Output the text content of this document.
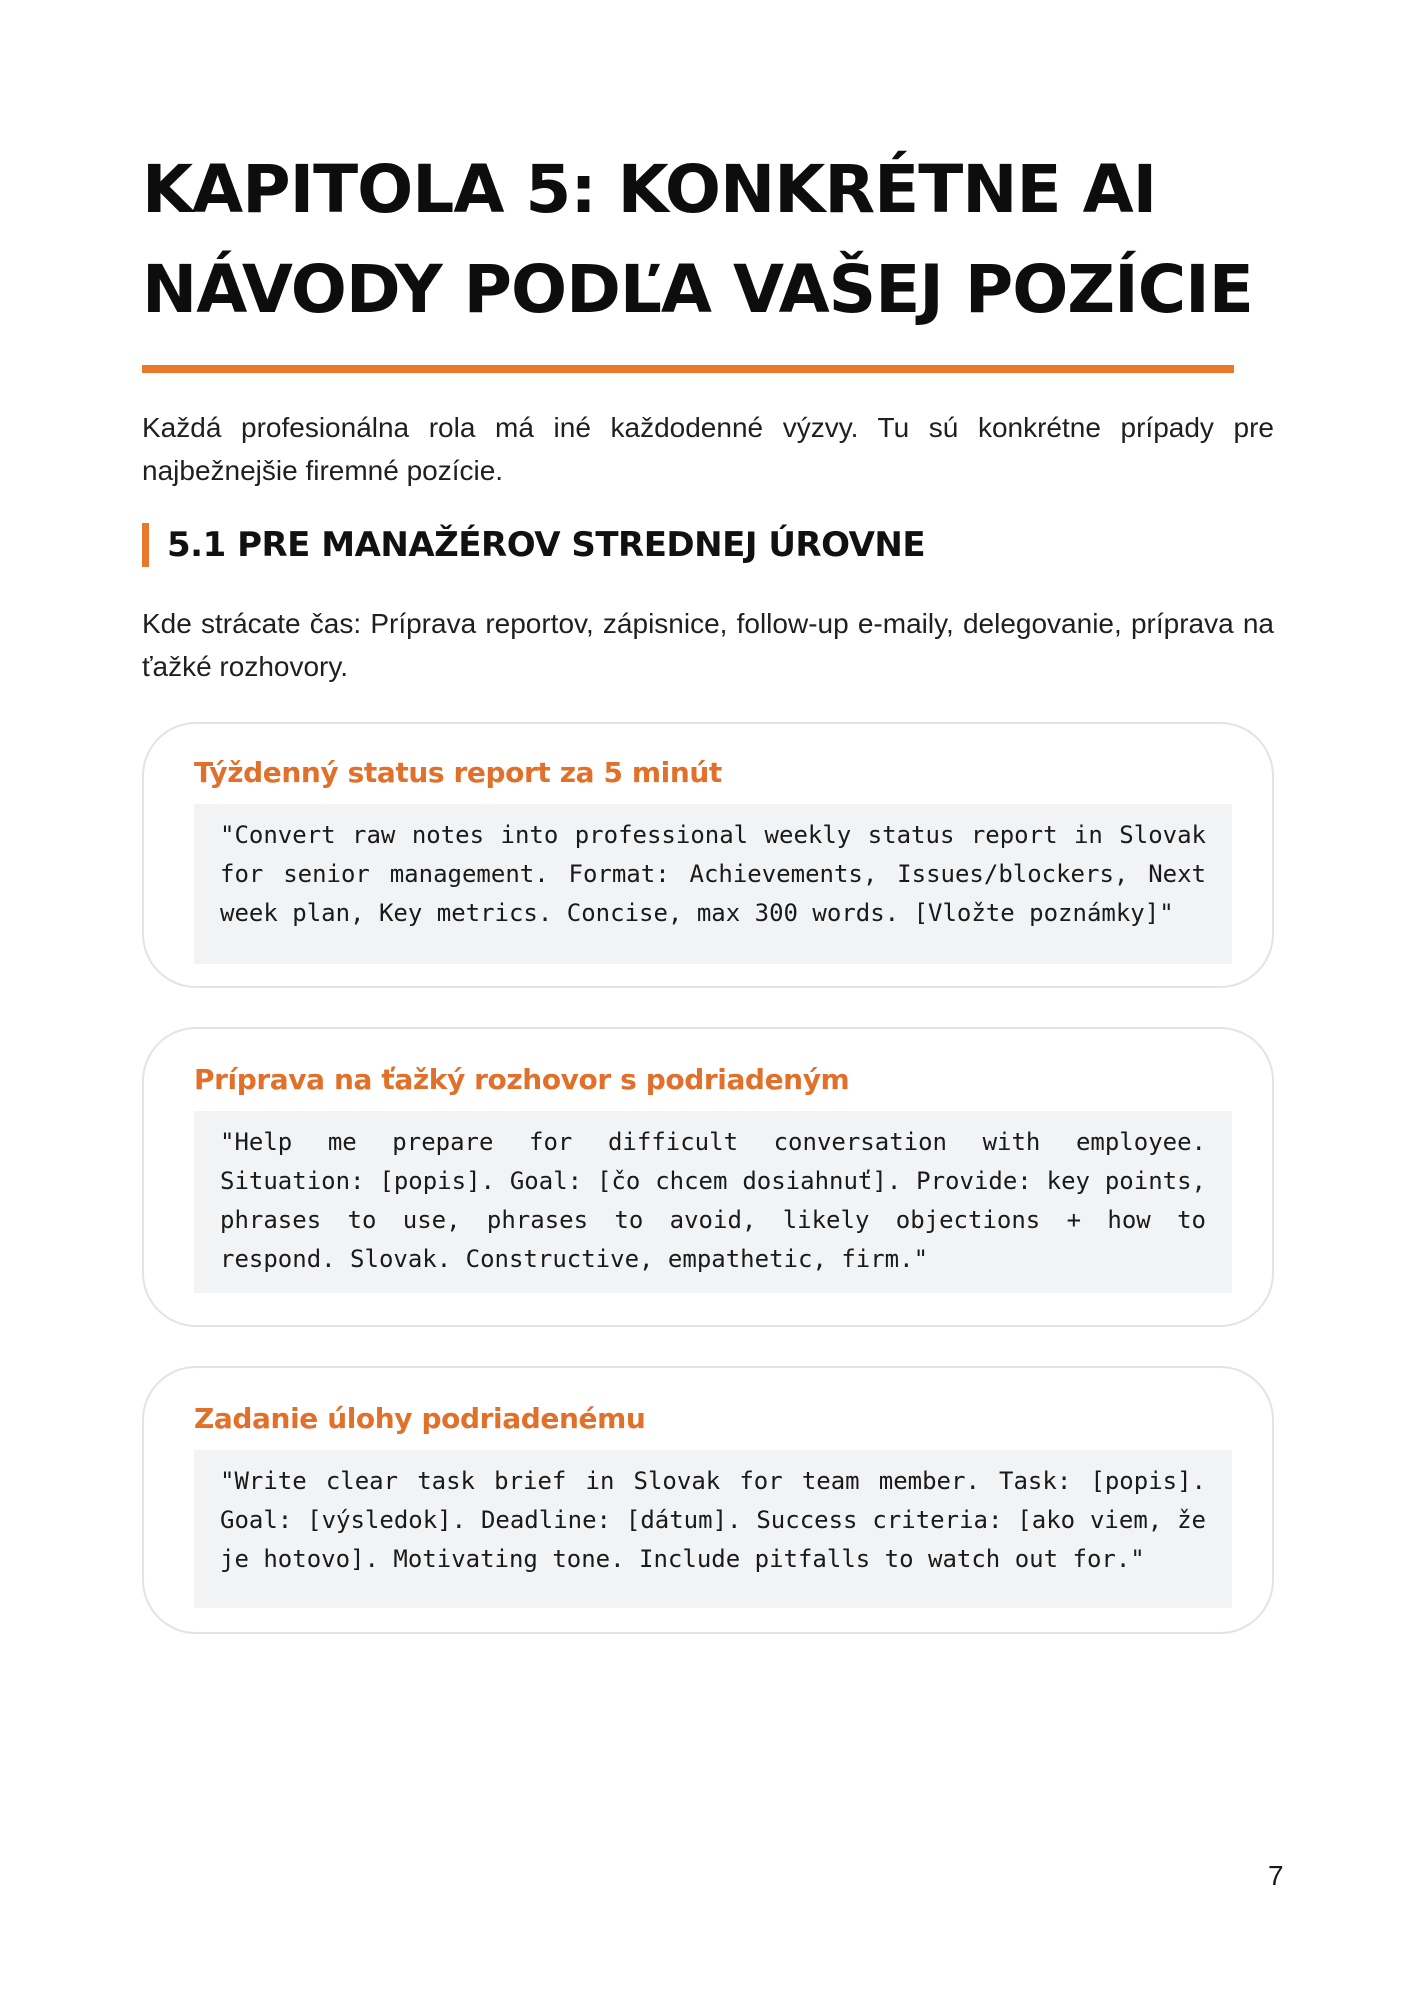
KAPITOLA 5: KONKRÉTNE AI NÁVODY PODĽA VAŠEJ POZÍCIE

Každá profesionálna rola má iné každodenné výzvy. Tu sú konkrétne prípady pre najbežnejšie firemné pozície.

5.1 PRE MANAŽÉROV STREDNEJ ÚROVNE

Kde strácate čas: Príprava reportov, zápisnice, follow-up e-maily, delegovanie, príprava na ťažké rozhovory.

Týždenný status report za 5 minút
"Convert raw notes into professional weekly status report in Slovak for senior management. Format: Achievements, Issues/blockers, Next week plan, Key metrics. Concise, max 300 words. [Vložte poznámky]"
Príprava na ťažký rozhovor s podriadeným
"Help me prepare for difficult conversation with employee. Situation: [popis]. Goal: [čo chcem dosiahnuť]. Provide: key points, phrases to use, phrases to avoid, likely objections + how to respond. Slovak. Constructive, empathetic, firm."
Zadanie úlohy podriadenému
"Write clear task brief in Slovak for team member. Task: [popis]. Goal: [výsledok]. Deadline: [dátum]. Success criteria: [ako viem, že je hotovo]. Motivating tone. Include pitfalls to watch out for."
7
